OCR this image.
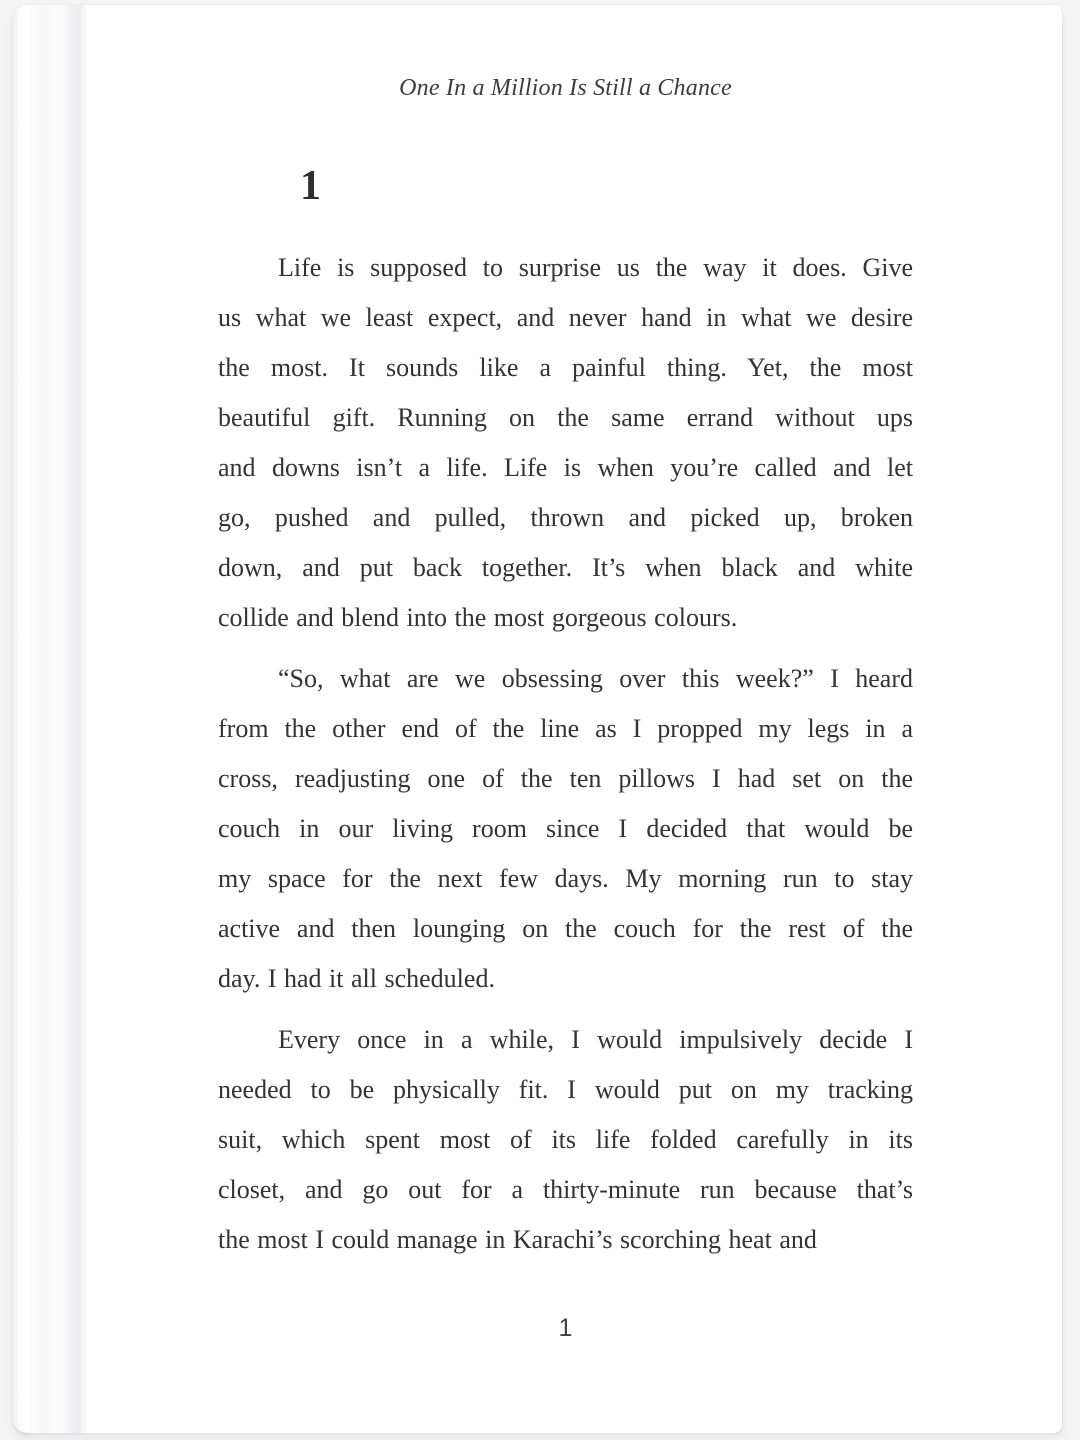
One In a Million Is Still a Chance
1
Life is supposed to surprise us the way it does. Give
us what we least expect, and never hand in what we desire
the most. It sounds like a painful thing. Yet, the most
beautiful gift. Running on the same errand without ups
and downs isn’t a life. Life is when you’re called and let
go, pushed and pulled, thrown and picked up, broken
down, and put back together. It’s when black and white
collide and blend into the most gorgeous colours.
“So, what are we obsessing over this week?” I heard
from the other end of the line as I propped my legs in a
cross, readjusting one of the ten pillows I had set on the
couch in our living room since I decided that would be
my space for the next few days. My morning run to stay
active and then lounging on the couch for the rest of the
day. I had it all scheduled.
Every once in a while, I would impulsively decide I
needed to be physically fit. I would put on my tracking
suit, which spent most of its life folded carefully in its
closet, and go out for a thirty-minute run because that’s
the most I could manage in Karachi’s scorching heat and
1
